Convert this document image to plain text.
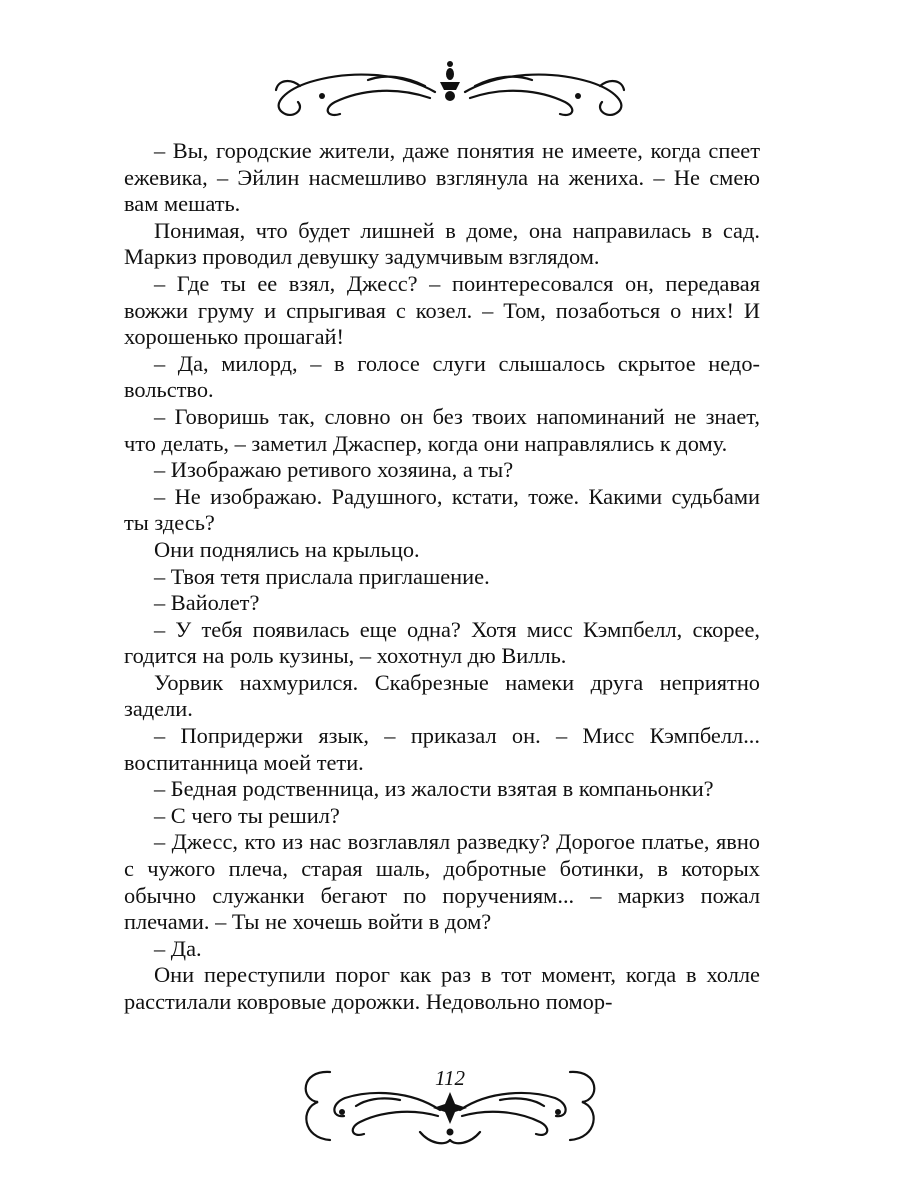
– Вы, городские жители, даже понятия не имеете, когда спеет ежевика, – Эйлин насмешливо взглянула на жениха. – Не смею вам мешать.

Понимая, что будет лишней в доме, она направилась в сад. Маркиз проводил девушку задумчивым взглядом.

– Где ты ее взял, Джесс? – поинтересовался он, передавая вожжи груму и спрыгивая с козел. – Том, позаботься о них! И хорошенько прошагай!

– Да, милорд, – в голосе слуги слышалось скрытое недовольство.

– Говоришь так, словно он без твоих напоминаний не знает, что делать, – заметил Джаспер, когда они направлялись к дому.

– Изображаю ретивого хозяина, а ты?

– Не изображаю. Радушного, кстати, тоже. Какими судьбами ты здесь?

Они поднялись на крыльцо.

– Твоя тетя прислала приглашение.

– Вайолет?

– У тебя появилась еще одна? Хотя мисс Кэмпбелл, скорее, годится на роль кузины, – хохотнул дю Вилль.

Уорвик нахмурился. Скабрезные намеки друга неприятно задели.

– Попридержи язык, – приказал он. – Мисс Кэмпбелл... воспитанница моей тети.

– Бедная родственница, из жалости взятая в компаньонки?

– С чего ты решил?

– Джесс, кто из нас возглавлял разведку? Дорогое платье, явно с чужого плеча, старая шаль, добротные ботинки, в которых обычно служанки бегают по поручениям... – маркиз пожал плечами. – Ты не хочешь войти в дом?

– Да.

Они переступили порог как раз в тот момент, когда в холле расстилали ковровые дорожки. Недовольно помор-

112
